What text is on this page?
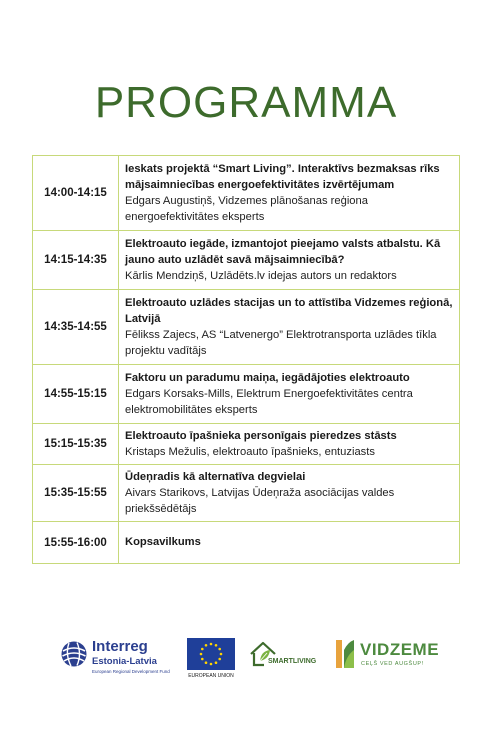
PROGRAMMA
14:00-14:15	Ieskats projektā “Smart Living”. Interaktīvs bezmaksas rīks mājsaimniecības energoefektivitātes izvērtējumam
Edgars Augustiņš, Vidzemes plānošanas reģiona energoefektivitātes eksperts

14:15-14:35	Elektroauto iegāde, izmantojot pieejamo valsts atbalstu. Kā jauno auto uzlādēt savā mājsaimniecībā?
Kārlis Mendziņš, Uzlādēts.lv idejas autors un redaktors

14:35-14:55	Elektroauto uzlādes stacijas un to attīstība Vidzemes reģionā, Latvijā
Fēlikss Zajecs, AS “Latvenergo” Elektrotransporta uzlādes tīkla projektu vadītājs

14:55-15:15	Faktoru un paradumu maiņa, iegādājoties elektroauto
Edgars Korsaks-Mills, Elektrum Energoefektivitātes centra elektromobilitātes eksperts

15:15-15:35	Elektroauto īpašnieka personīgais pieredzes stāsts
Kristaps Mežulis, elektroauto īpašnieks, entuziasts

15:35-15:55	Ūdeņradis kā alternatīva degvielai
Aivars Starikovs, Latvijas Ūdeņraža asociācijas valdes priekšsēdētājs

15:55-16:00	Kopsavilkums
Interreg
Estonia-Latvia
European Regional Development Fund
EUROPEAN UNION
SMARTLIVING
VIDZEME
CEĻŠ VED AUGŠUP!
